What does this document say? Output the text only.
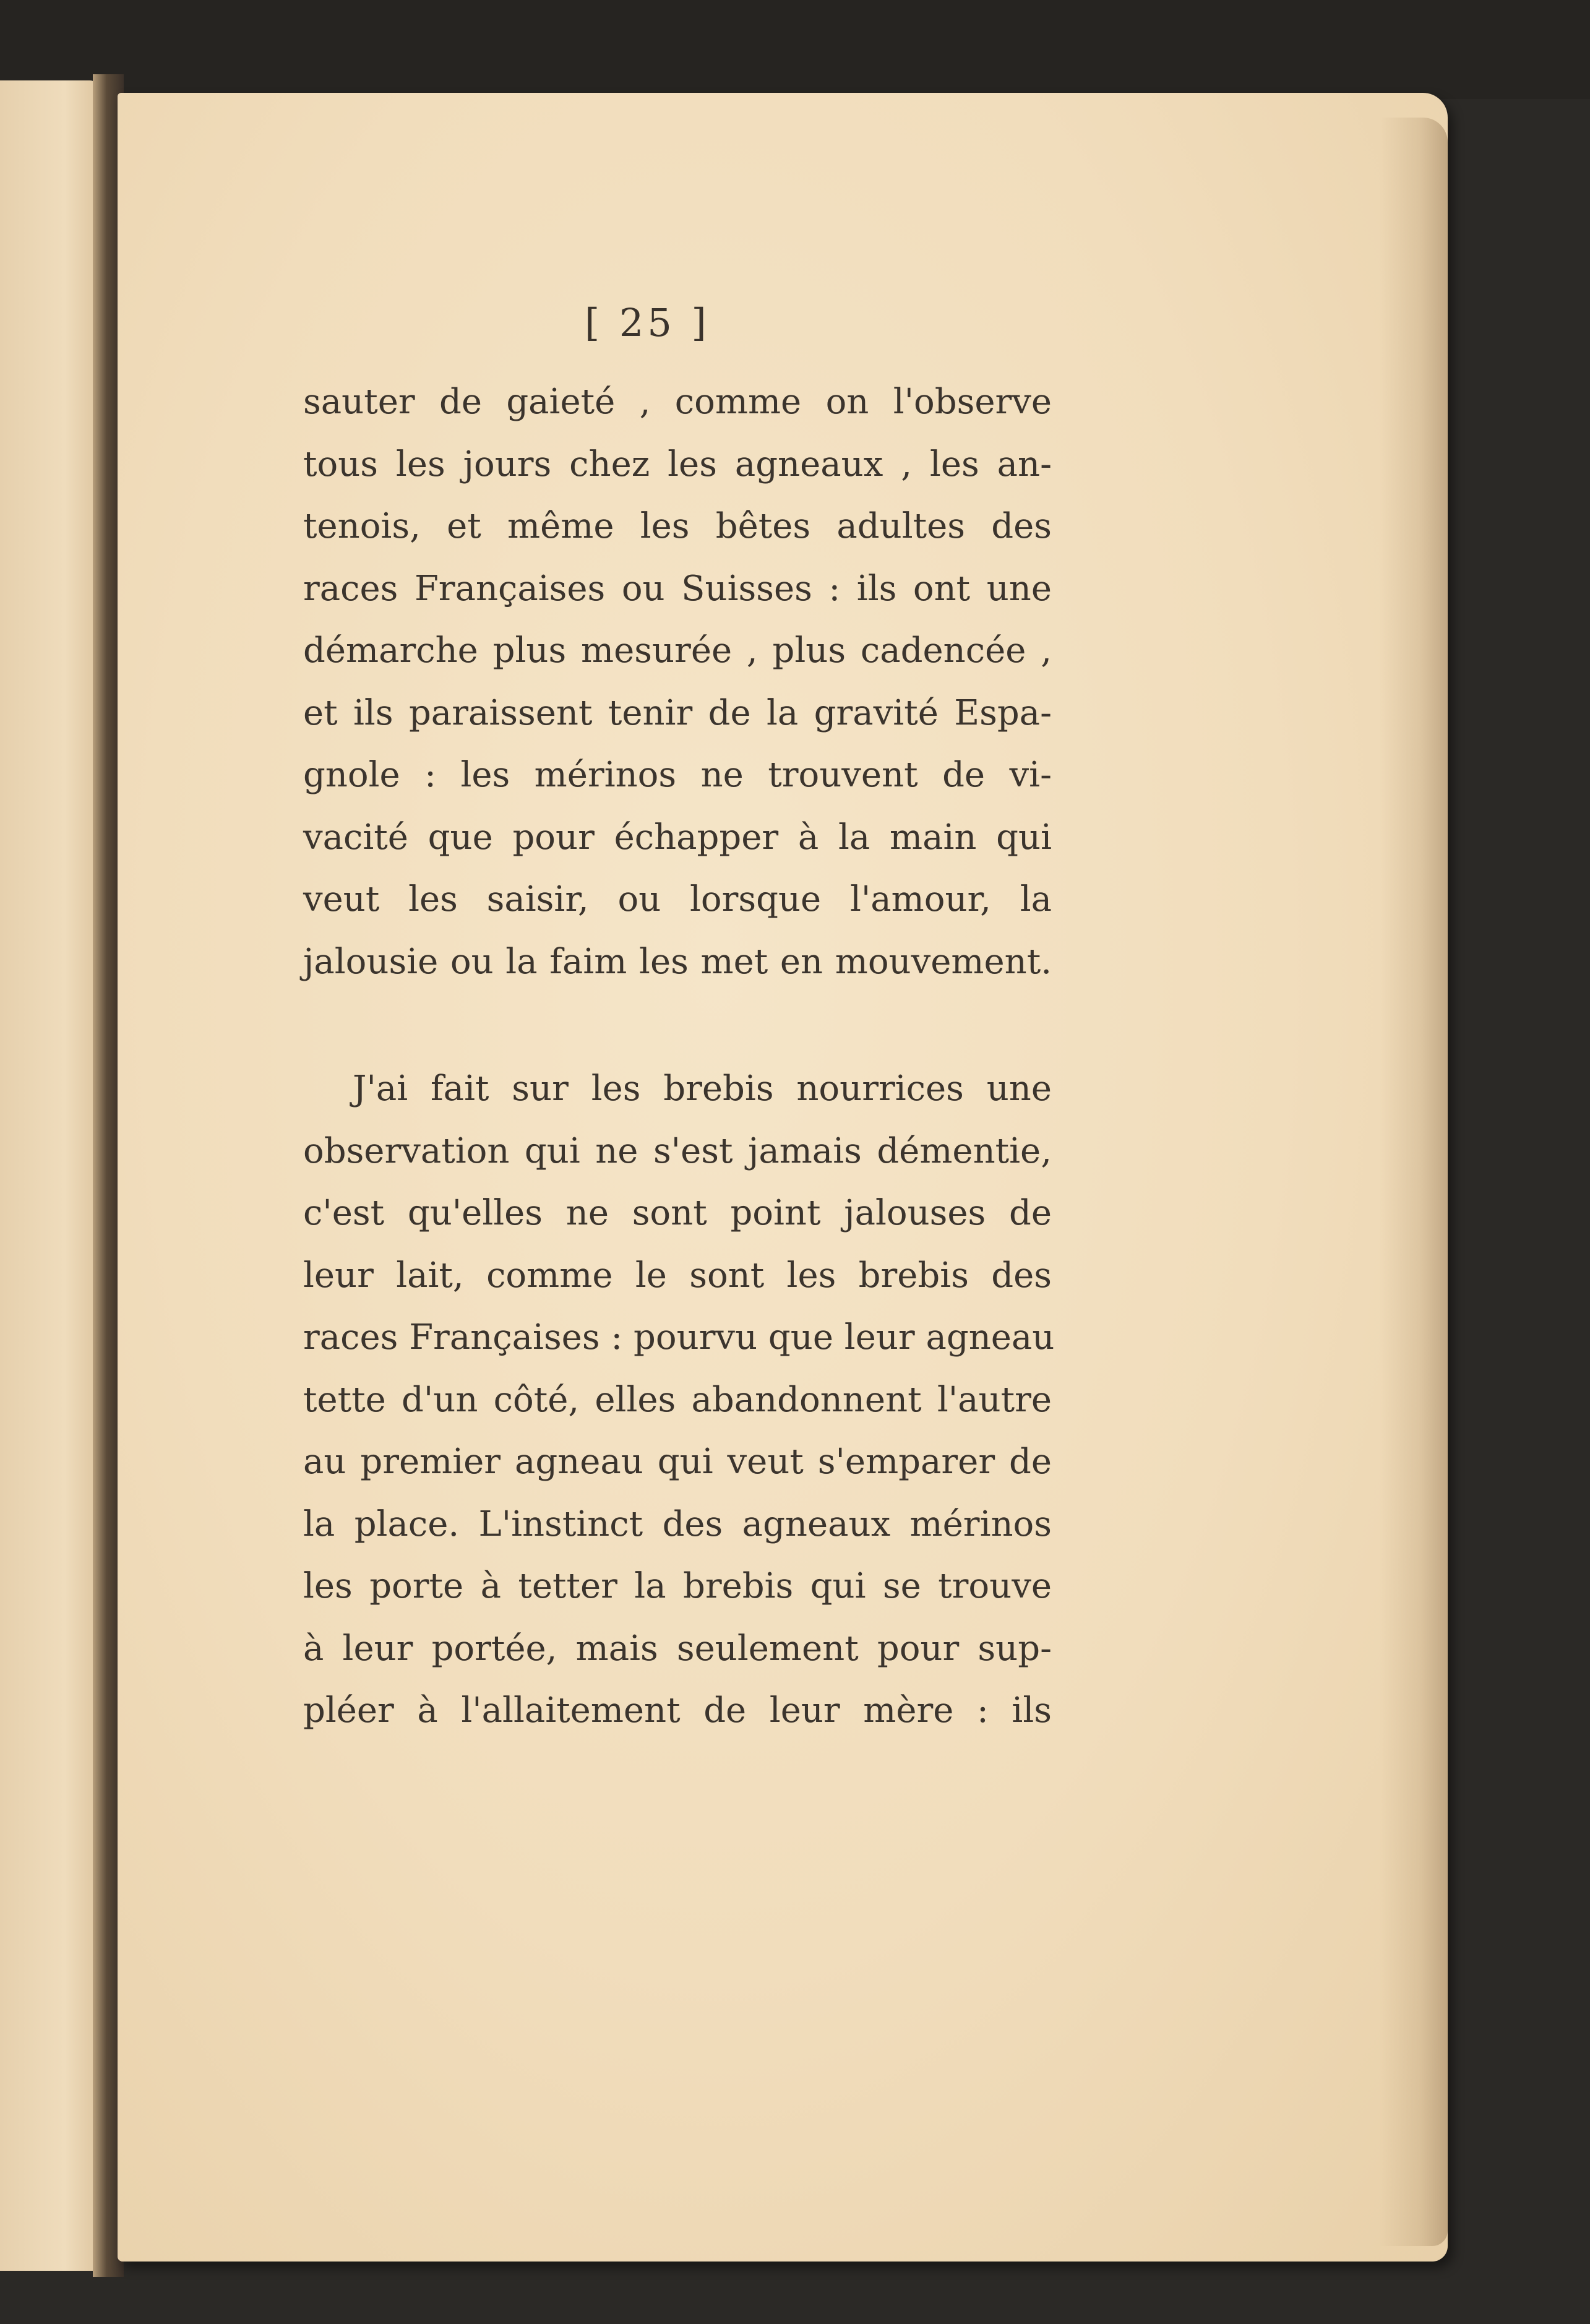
[ 25 ]
sauter de gaieté , comme on l'observe
tous les jours chez les agneaux , les an-
tenois, et même les bêtes adultes des
races Françaises ou Suisses : ils ont une
démarche plus mesurée , plus cadencée ,
et ils paraissent tenir de la gravité Espa-
gnole : les mérinos ne trouvent de vi-
vacité que pour échapper à la main qui
veut les saisir, ou lorsque l'amour, la
jalousie ou la faim les met en mouvement.
J'ai fait sur les brebis nourrices une
observation qui ne s'est jamais démentie,
c'est qu'elles ne sont point jalouses de
leur lait, comme le sont les brebis des
races Françaises : pourvu que leur agneau
tette d'un côté, elles abandonnent l'autre
au premier agneau qui veut s'emparer de
la place. L'instinct des agneaux mérinos
les porte à tetter la brebis qui se trouve
à leur portée, mais seulement pour sup-
pléer à l'allaitement de leur mère : ils
